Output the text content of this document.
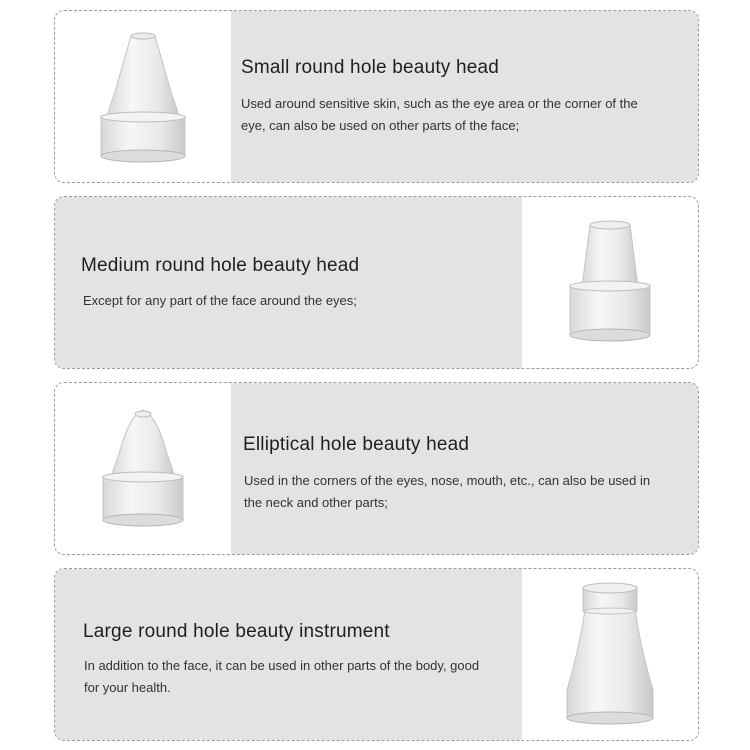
Small round hole beauty head
Used around sensitive skin, such as the eye area or the corner of the eye, can also be used on other parts of the face;
Medium round hole beauty head
Except for any part of the face around the eyes;
Elliptical hole beauty head
Used in the corners of the eyes, nose, mouth, etc., can also be used in the neck and other parts;
Large round hole beauty instrument
In addition to the face, it can be used in other parts of the body, good for your health.
